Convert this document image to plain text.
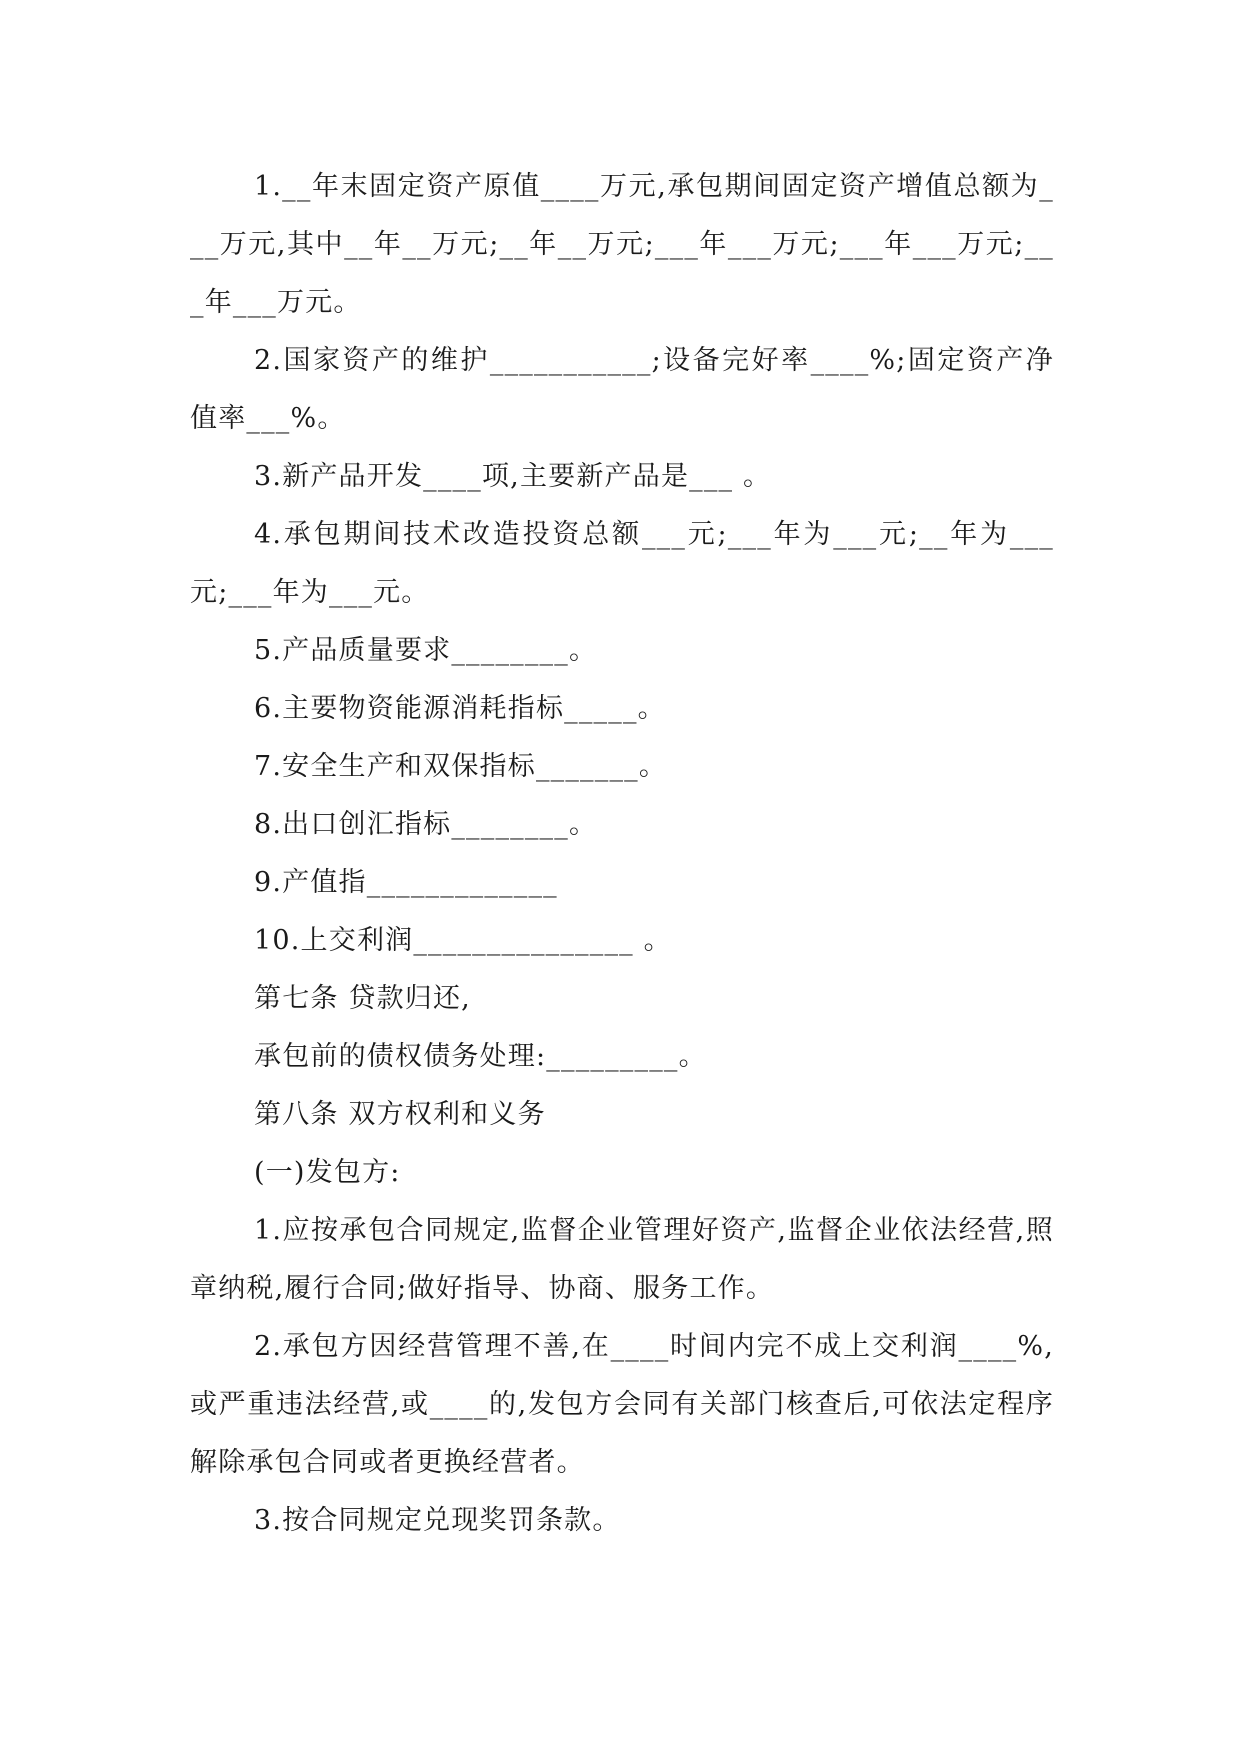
1.__年末固定资产原值____万元,承包期间固定资产增值总额为___万元,其中__年__万元;__年__万元;___年___万元;___年___万元;___年___万元。

2.国家资产的维护___________;设备完好率____%;固定资产净值率___%。

3.新产品开发____项,主要新产品是___ 。

4.承包期间技术改造投资总额___元;___年为___元;__年为___元;___年为___元。

5.产品质量要求________。

6.主要物资能源消耗指标_____。

7.安全生产和双保指标_______。

8.出口创汇指标________。

9.产值指_____________

10.上交利润_______________ 。

第七条 贷款归还,

承包前的债权债务处理:_________。

第八条 双方权利和义务

(一)发包方:

1.应按承包合同规定,监督企业管理好资产,监督企业依法经营,照章纳税,履行合同;做好指导、协商、服务工作。

2.承包方因经营管理不善,在____时间内完不成上交利润____%,或严重违法经营,或____的,发包方会同有关部门核查后,可依法定程序解除承包合同或者更换经营者。

3.按合同规定兑现奖罚条款。
